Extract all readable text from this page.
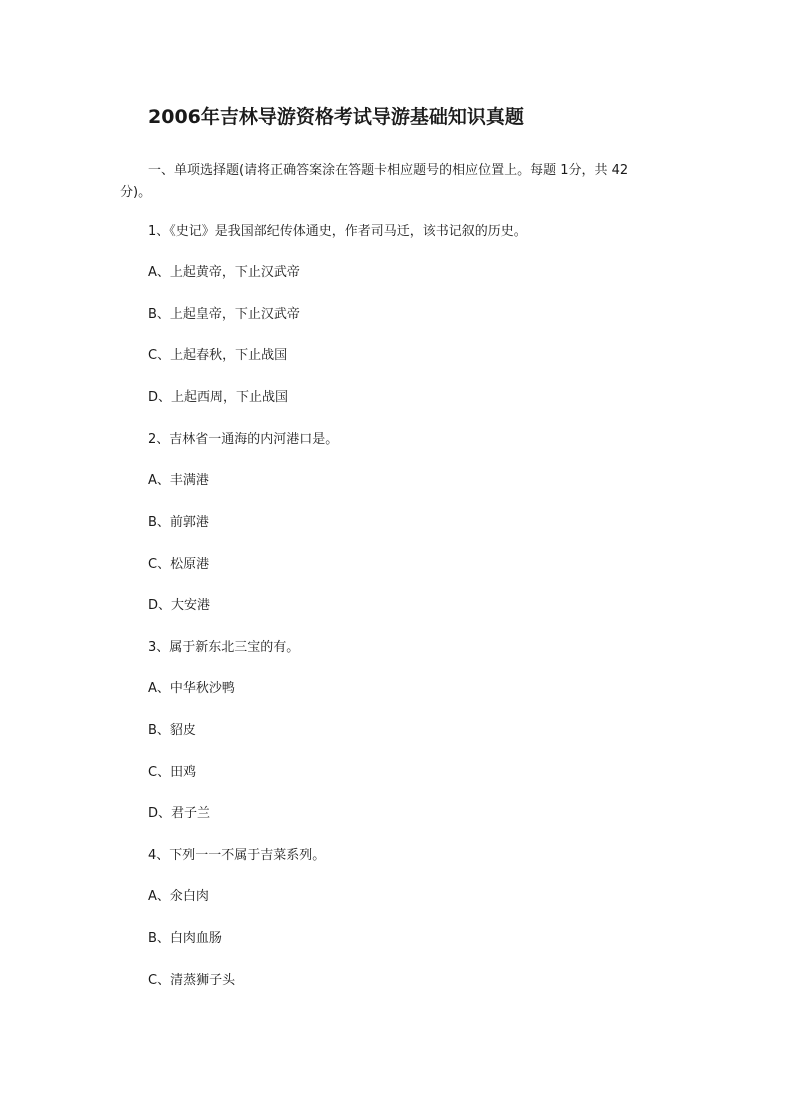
2006年吉林导游资格考试导游基础知识真题
一、单项选择题(请将正确答案涂在答题卡相应题号的相应位置上。每题 1分，共 42
分)。
1、《史记》是我国部纪传体通史，作者司马迁，该书记叙的历史。
A、上起黄帝，下止汉武帝
B、上起皇帝，下止汉武帝
C、上起春秋，下止战国
D、上起西周，下止战国
2、吉林省一通海的内河港口是。
A、丰满港
B、前郭港
C、松原港
D、大安港
3、属于新东北三宝的有。
A、中华秋沙鸭
B、貂皮
C、田鸡
D、君子兰
4、下列一一不属于吉菜系列。
A、氽白肉
B、白肉血肠
C、清蒸狮子头
